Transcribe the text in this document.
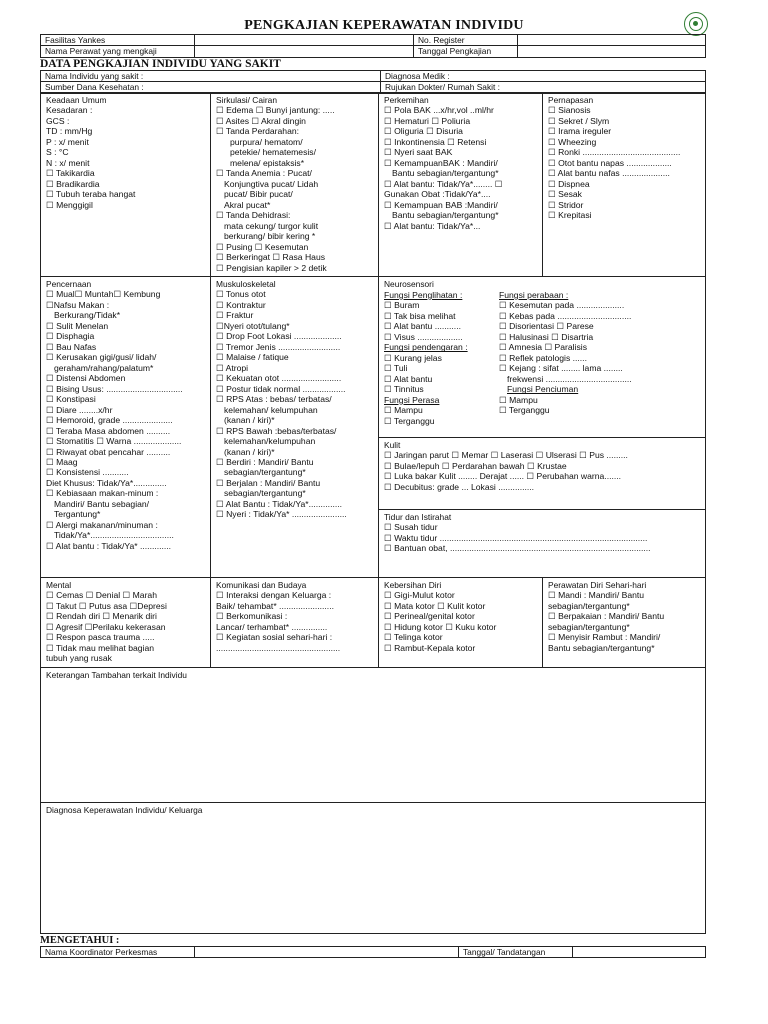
PENGKAJIAN KEPERAWATAN INDIVIDU
Fasilitas Yankes		No. Register	
Nama Perawat yang mengkaji		Tanggal Pengkajian	
DATA PENGKAJIAN INDIVIDU YANG SAKIT
Nama Individu yang sakit :	Diagnosa Medik :
Sumber Dana Kesehatan :	Rujukan Dokter/ Rumah Sakit :
Keadaan Umum
Kesadaran :
GCS :
TD : mm/Hg
P : x/ menit
S : °C
N : x/ menit
☐ Takikardia
☐ Bradikardia
☐ Tubuh teraba hangat
☐ Menggigil
Sirkulasi/ Cairan
☐ Edema ☐ Bunyi jantung: .....
☐ Asites ☐ Akral dingin
☐ Tanda Perdarahan:
purpura/ hematom/
petekie/ hematemesis/
melena/ epistaksis*
☐ Tanda Anemia : Pucat/
Konjungtiva pucat/ Lidah
pucat/ Bibir pucat/
Akral pucat*
☐ Tanda Dehidrasi:
mata cekung/ turgor kulit
berkurang/ bibir kering *
☐ Pusing ☐ Kesemutan
☐ Berkeringat ☐ Rasa Haus
☐ Pengisian kapiler > 2 detik
Perkemihan
☐ Pola BAK ...x/hr,vol ..ml/hr
☐ Hematuri ☐ Poliuria
☐ Oliguria ☐ Disuria
☐ Inkontinensia ☐ Retensi
☐ Nyeri saat BAK
☐ KemampuanBAK : Mandiri/
Bantu sebagian/tergantung*
☐ Alat bantu: Tidak/Ya*........ ☐
Gunakan Obat :Tidak/Ya*....
☐ Kemampuan BAB :Mandiri/
Bantu sebagian/tergantung*
☐ Alat bantu: Tidak/Ya*...
Pernapasan
☐ Sianosis
☐ Sekret / Slym
☐ Irama ireguler
☐ Wheezing
☐ Ronki .........................................
☐ Otot bantu napas ...................
☐ Alat bantu nafas ....................
☐ Dispnea
☐ Sesak
☐ Stridor
☐ Krepitasi
Pencernaan
☐ Mual☐ Muntah☐ Kembung
☐Nafsu Makan :
Berkurang/Tidak*
☐ Sulit Menelan
☐ Disphagia
☐ Bau Nafas
☐ Kerusakan gigi/gusi/ lidah/
geraham/rahang/palatum*
☐ Distensi Abdomen
☐ Bising Usus: ................................
☐ Konstipasi
☐ Diare ........x/hr
☐ Hemoroid, grade .....................
☐ Teraba Masa abdomen ..........
☐ Stomatitis ☐ Warna ....................
☐ Riwayat obat pencahar ..........
☐ Maag
☐ Konsistensi ...........
Diet Khusus: Tidak/Ya*..............
☐ Kebiasaan makan-minum :
Mandiri/ Bantu sebagian/
Tergantung*
☐ Alergi makanan/minuman :
Tidak/Ya*...................................
☐ Alat bantu : Tidak/Ya* .............
Muskuloskeletal
☐ Tonus otot
☐ Kontraktur
☐ Fraktur
☐Nyeri otot/tulang*
☐ Drop Foot Lokasi ....................
☐ Tremor Jenis ..........................
☐ Malaise / fatique
☐ Atropi
☐ Kekuatan otot .........................
☐ Postur tidak normal ..................
☐ RPS Atas : bebas/ terbatas/
kelemahan/ kelumpuhan
(kanan / kiri)*
☐ RPS Bawah :bebas/terbatas/
kelemahan/kelumpuhan
(kanan / kiri)*
☐ Berdiri : Mandiri/ Bantu
sebagian/tergantung*
☐ Berjalan : Mandiri/ Bantu
sebagian/tergantung*
☐ Alat Bantu : Tidak/Ya*..............
☐ Nyeri : Tidak/Ya* .......................
Neurosensori
Fungsi Penglihatan :
☐ Buram
☐ Tak bisa melihat
☐ Alat bantu ...........
☐ Visus ...................
Fungsi pendengaran :
☐ Kurang jelas
☐ Tuli
☐ Alat bantu
☐ Tinnitus
Fungsi Perasa
☐ Mampu
☐ Terganggu
Fungsi perabaan :
☐ Kesemutan pada ....................
☐ Kebas pada ...............................
☐ Disorientasi ☐ Parese
☐ Halusinasi ☐ Disartria
☐ Amnesia ☐ Paralisis
☐ Reflek patologis ......
☐ Kejang : sifat ........ lama ........
frekwensi ....................................
Fungsi Penciuman
☐ Mampu
☐ Terganggu
Kulit
☐ Jaringan parut ☐ Memar ☐ Laserasi ☐ Ulserasi ☐ Pus .........
☐ Bulae/lepuh ☐ Perdarahan bawah ☐ Krustae
☐ Luka bakar Kulit ........ Derajat ...... ☐ Perubahan warna.......
☐ Decubitus: grade ... Lokasi ...............
Tidur dan Istirahat
☐ Susah tidur
☐ Waktu tidur .......................................................................................
☐ Bantuan obat, ....................................................................................
Mental
☐ Cemas ☐ Denial ☐ Marah
☐ Takut ☐ Putus asa ☐Depresi
☐ Rendah diri ☐ Menarik diri
☐ Agresif ☐Perilaku kekerasan
☐ Respon pasca trauma .....
☐ Tidak mau melihat bagian
tubuh yang rusak
Komunikasi dan Budaya
☐ Interaksi dengan Keluarga :
Baik/ tehambat* .......................
☐ Berkomunikasi :
Lancar/ terhambat* ...............
☐ Kegiatan sosial sehari-hari :
....................................................
Kebersihan Diri
☐ Gigi-Mulut kotor
☐ Mata kotor ☐ Kulit kotor
☐ Perineal/genital kotor
☐ Hidung kotor ☐ Kuku kotor
☐ Telinga kotor
☐ Rambut-Kepala kotor
Perawatan Diri Sehari-hari
☐ Mandi : Mandiri/ Bantu
sebagian/tergantung*
☐ Berpakaian : Mandiri/ Bantu
sebagian/tergantung*
☐ Menyisir Rambut : Mandiri/
Bantu sebagian/tergantung*
Keterangan Tambahan terkait Individu
Diagnosa Keperawatan Individu/ Keluarga
MENGETAHUI :
Nama Koordinator Perkesmas		Tanggal/ Tandatangan	
